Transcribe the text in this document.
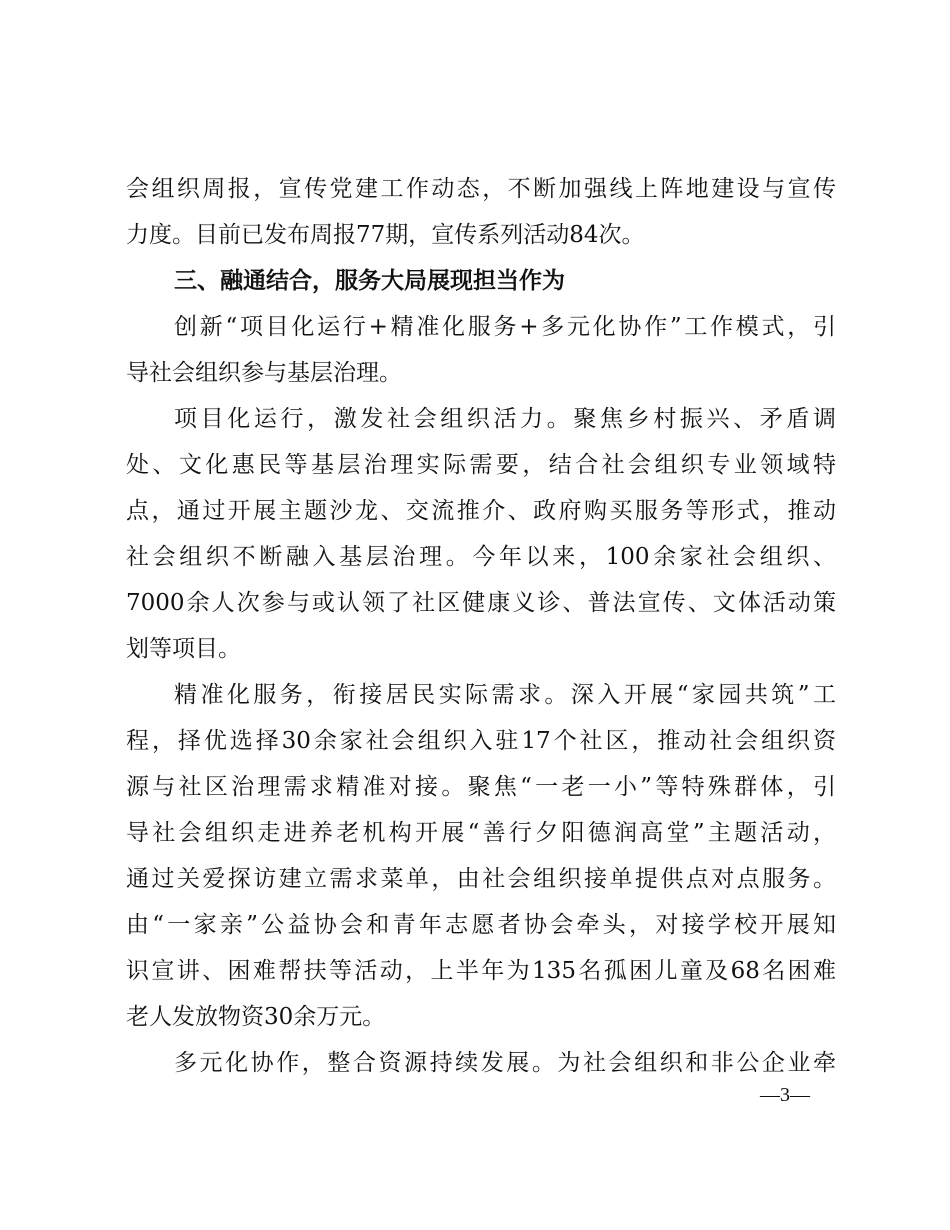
会组织周报，宣传党建工作动态，不断加强线上阵地建设与宣传
力度。目前已发布周报77期，宣传系列活动84次。
三、融通结合，服务大局展现担当作为
创新“项目化运行+精准化服务+多元化协作”工作模式，引
导社会组织参与基层治理。
项目化运行，激发社会组织活力。聚焦乡村振兴、矛盾调
处、文化惠民等基层治理实际需要，结合社会组织专业领域特
点，通过开展主题沙龙、交流推介、政府购买服务等形式，推动
社会组织不断融入基层治理。今年以来，100余家社会组织、
7000余人次参与或认领了社区健康义诊、普法宣传、文体活动策
划等项目。
精准化服务，衔接居民实际需求。深入开展“家园共筑”工
程，择优选择30余家社会组织入驻17个社区，推动社会组织资
源与社区治理需求精准对接。聚焦“一老一小”等特殊群体，引
导社会组织走进养老机构开展“善行夕阳德润高堂”主题活动，
通过关爱探访建立需求菜单，由社会组织接单提供点对点服务。
由“一家亲”公益协会和青年志愿者协会牵头，对接学校开展知
识宣讲、困难帮扶等活动，上半年为135名孤困儿童及68名困难
老人发放物资30余万元。
多元化协作，整合资源持续发展。为社会组织和非公企业牵
—3—
